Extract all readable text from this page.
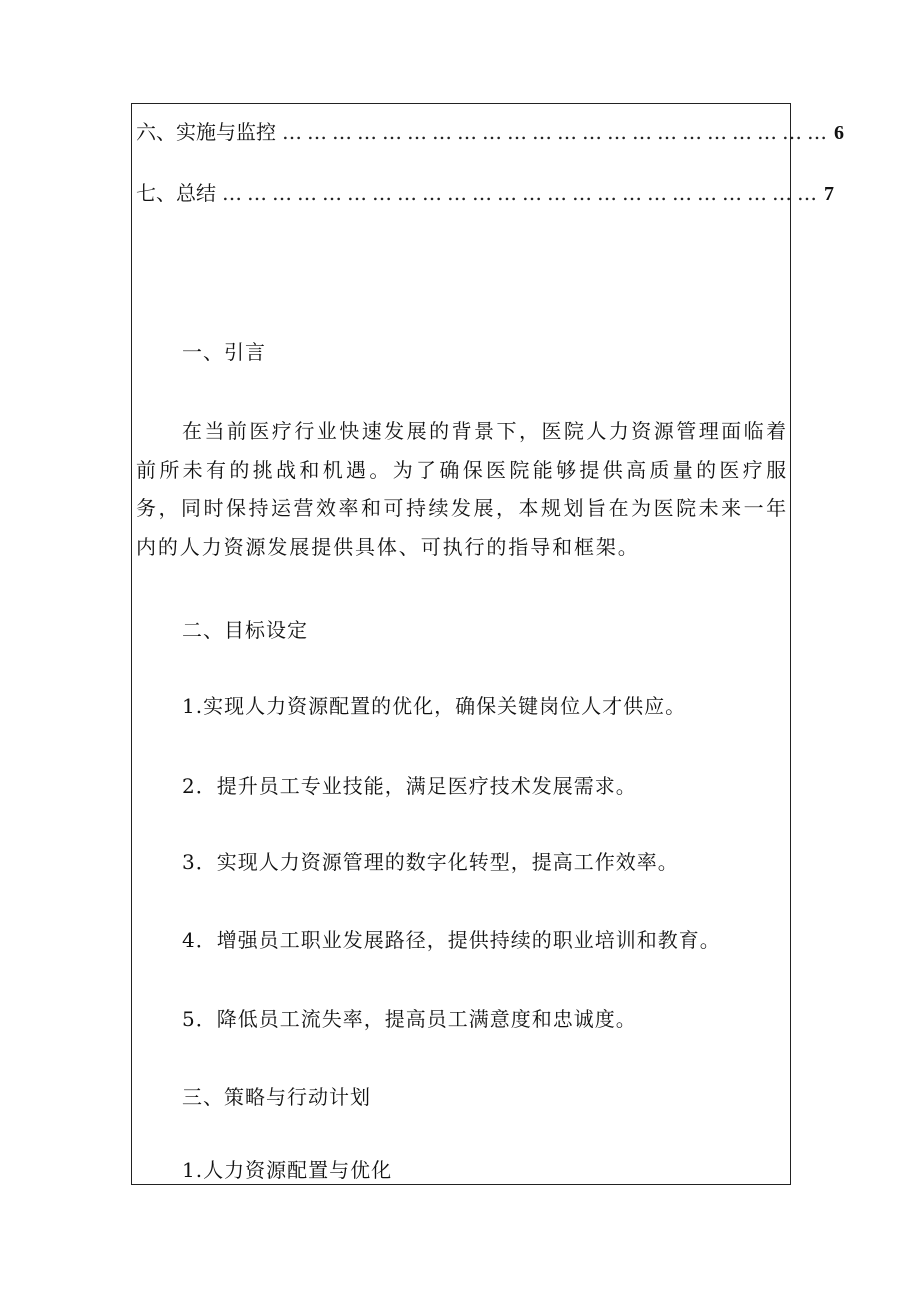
六、实施与监控 ………………………………………………………… 6
七、总结 ……………………………………………………………… 7
一、引言
在当前医疗行业快速发展的背景下，医院人力资源管理面临着前所未有的挑战和机遇。为了确保医院能够提供高质量的医疗服务，同时保持运营效率和可持续发展，本规划旨在为医院未来一年内的人力资源发展提供具体、可执行的指导和框架。
二、目标设定
1.实现人力资源配置的优化，确保关键岗位人才供应。
2．提升员工专业技能，满足医疗技术发展需求。
3．实现人力资源管理的数字化转型，提高工作效率。
4．增强员工职业发展路径，提供持续的职业培训和教育。
5．降低员工流失率，提高员工满意度和忠诚度。
三、策略与行动计划
1.人力资源配置与优化
